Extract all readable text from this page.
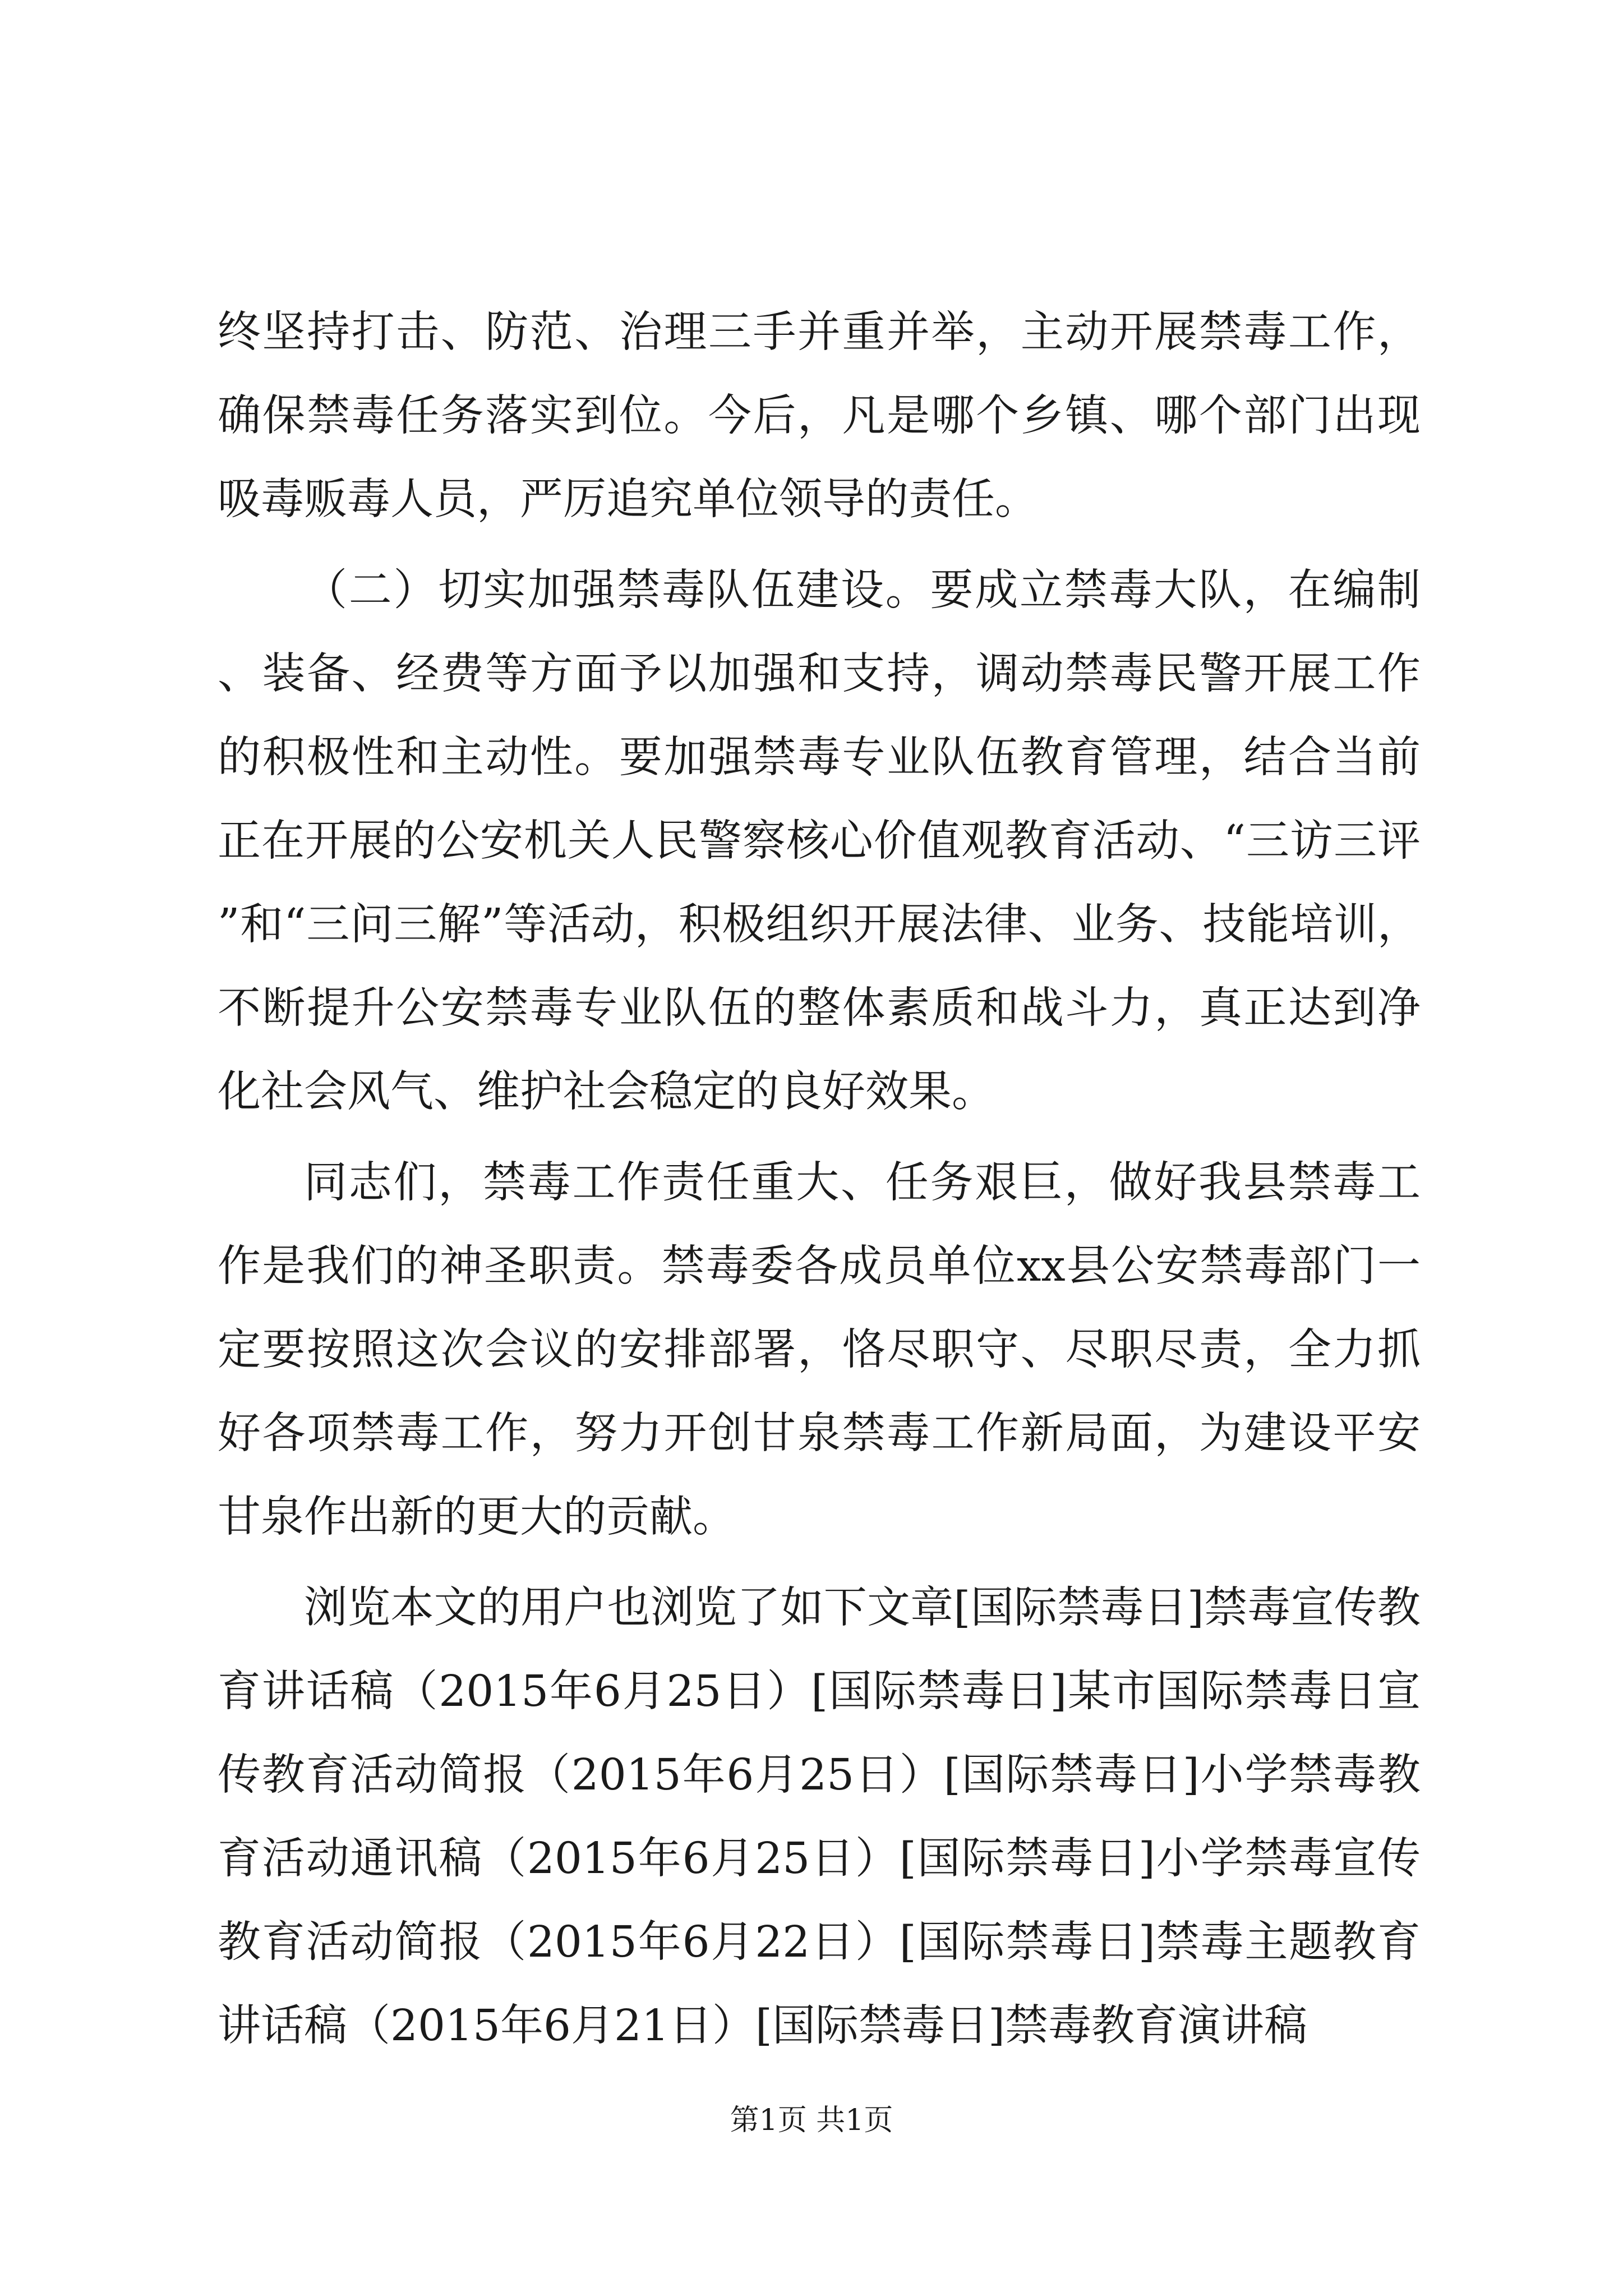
终坚持打击、防范、治理三手并重并举，主动开展禁毒工作，确保禁毒任务落实到位。今后，凡是哪个乡镇、哪个部门出现吸毒贩毒人员，严厉追究单位领导的责任。

（二）切实加强禁毒队伍建设。要成立禁毒大队，在编制、装备、经费等方面予以加强和支持，调动禁毒民警开展工作的积极性和主动性。要加强禁毒专业队伍教育管理，结合当前正在开展的公安机关人民警察核心价值观教育活动、“三访三评”和“三问三解”等活动，积极组织开展法律、业务、技能培训，不断提升公安禁毒专业队伍的整体素质和战斗力，真正达到净化社会风气、维护社会稳定的良好效果。

同志们，禁毒工作责任重大、任务艰巨，做好我县禁毒工作是我们的神圣职责。禁毒委各成员单位xx县公安禁毒部门一定要按照这次会议的安排部署，恪尽职守、尽职尽责，全力抓好各项禁毒工作，努力开创甘泉禁毒工作新局面，为建设平安甘泉作出新的更大的贡献。

浏览本文的用户也浏览了如下文章[国际禁毒日]禁毒宣传教育讲话稿（2015年6月25日）[国际禁毒日]某市国际禁毒日宣传教育活动简报（2015年6月25日）[国际禁毒日]小学禁毒教育活动通讯稿（2015年6月25日）[国际禁毒日]小学禁毒宣传教育活动简报（2015年6月22日）[国际禁毒日]禁毒主题教育讲话稿（2015年6月21日）[国际禁毒日]禁毒教育演讲稿

第1页 共1页
